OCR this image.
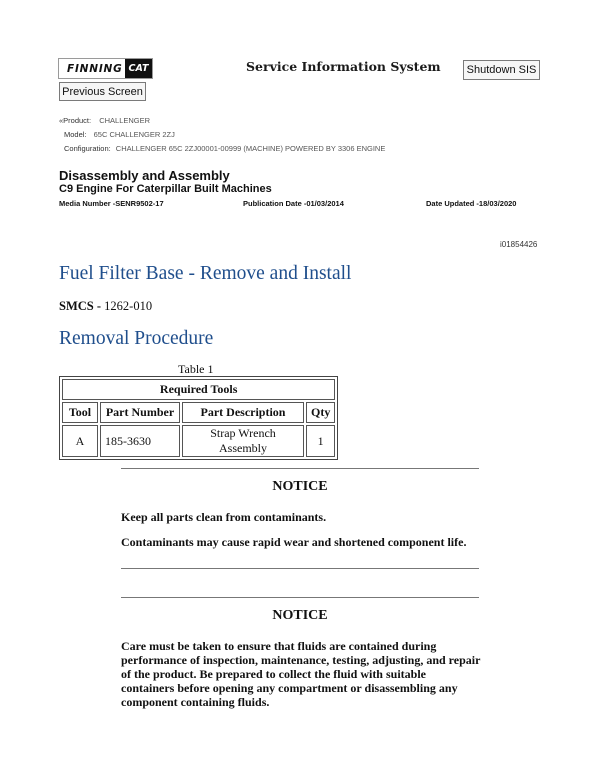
FINNING CAT	Service Information System	Shutdown SIS
Previous Screen
«Product: CHALLENGER
Model: 65C CHALLENGER 2ZJ
Configuration: CHALLENGER 65C 2ZJ00001-00999 (MACHINE) POWERED BY 3306 ENGINE
Disassembly and Assembly
C9 Engine For Caterpillar Built Machines
Media Number -SENR9502-17	Publication Date -01/03/2014	Date Updated -18/03/2020
i01854426
Fuel Filter Base - Remove and Install
SMCS - 1262-010
Removal Procedure
Table 1
Required Tools			
Tool	Part Number	Part Description	Qty
A	185-3630	Strap Wrench Assembly	1
NOTICE
Keep all parts clean from contaminants.
Contaminants may cause rapid wear and shortened component life.
NOTICE
Care must be taken to ensure that fluids are contained during performance of inspection, maintenance, testing, adjusting, and repair of the product. Be prepared to collect the fluid with suitable containers before opening any compartment or disassembling any component containing fluids.
